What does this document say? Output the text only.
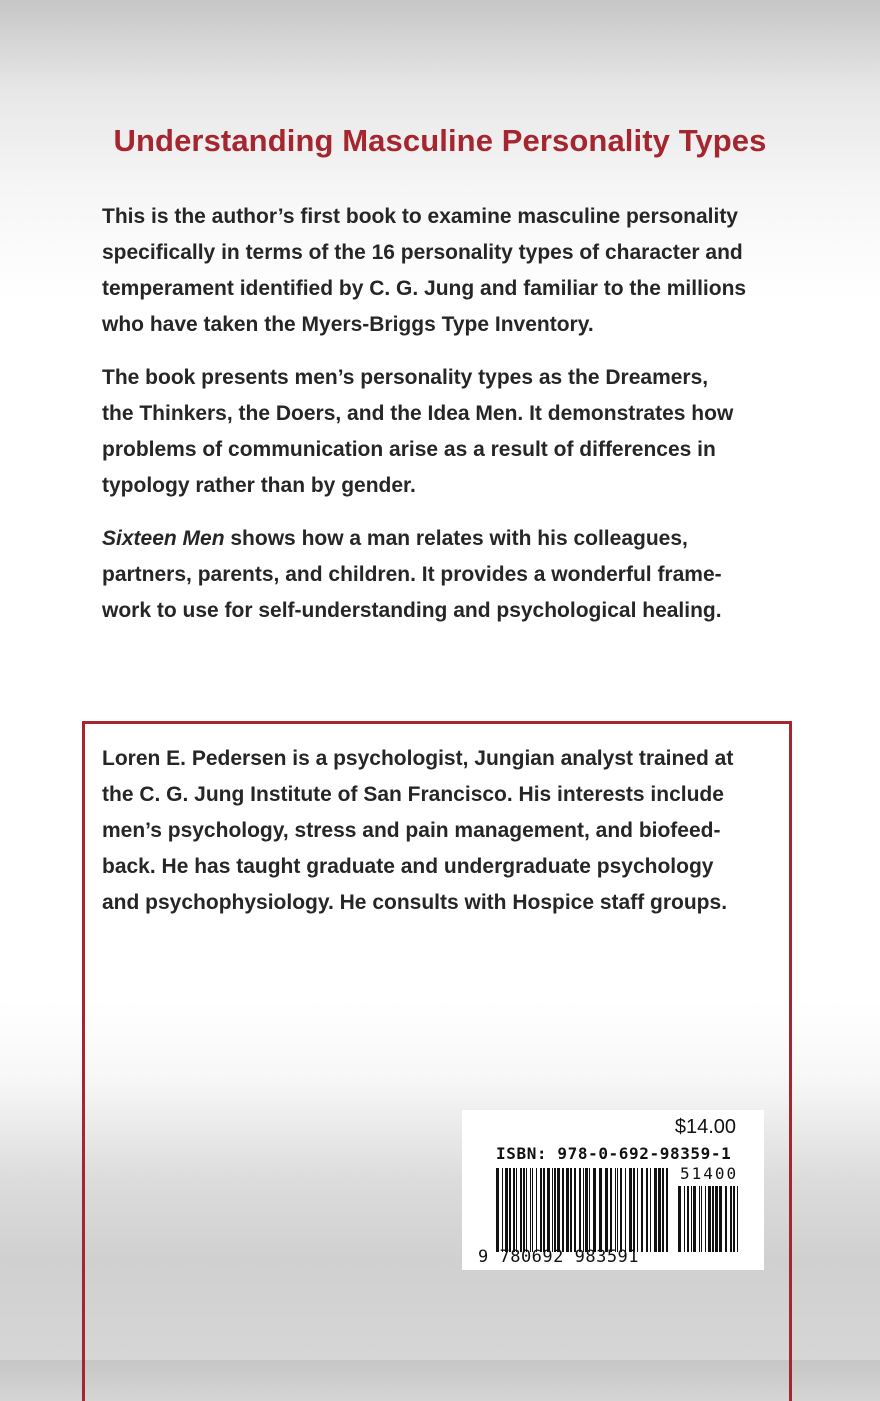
Understanding Masculine Personality Types

This is the author’s first book to examine masculine personality
specifically in terms of the 16 personality types of character and
temperament identified by C. G. Jung and familiar to the millions
who have taken the Myers-Briggs Type Inventory.

The book presents men’s personality types as the Dreamers,
the Thinkers, the Doers, and the Idea Men. It demonstrates how
problems of communication arise as a result of differences in
typology rather than by gender.

Sixteen Men shows how a man relates with his colleagues,
partners, parents, and children. It provides a wonderful frame-
work to use for self-understanding and psychological healing.

Loren E. Pedersen is a psychologist, Jungian analyst trained at
the C. G. Jung Institute of San Francisco. His interests include
men’s psychology, stress and pain management, and biofeed-
back. He has taught graduate and undergraduate psychology
and psychophysiology. He consults with Hospice staff groups.
$14.00
ISBN: 978-0-692-98359-1
51400
9 780692 983591
